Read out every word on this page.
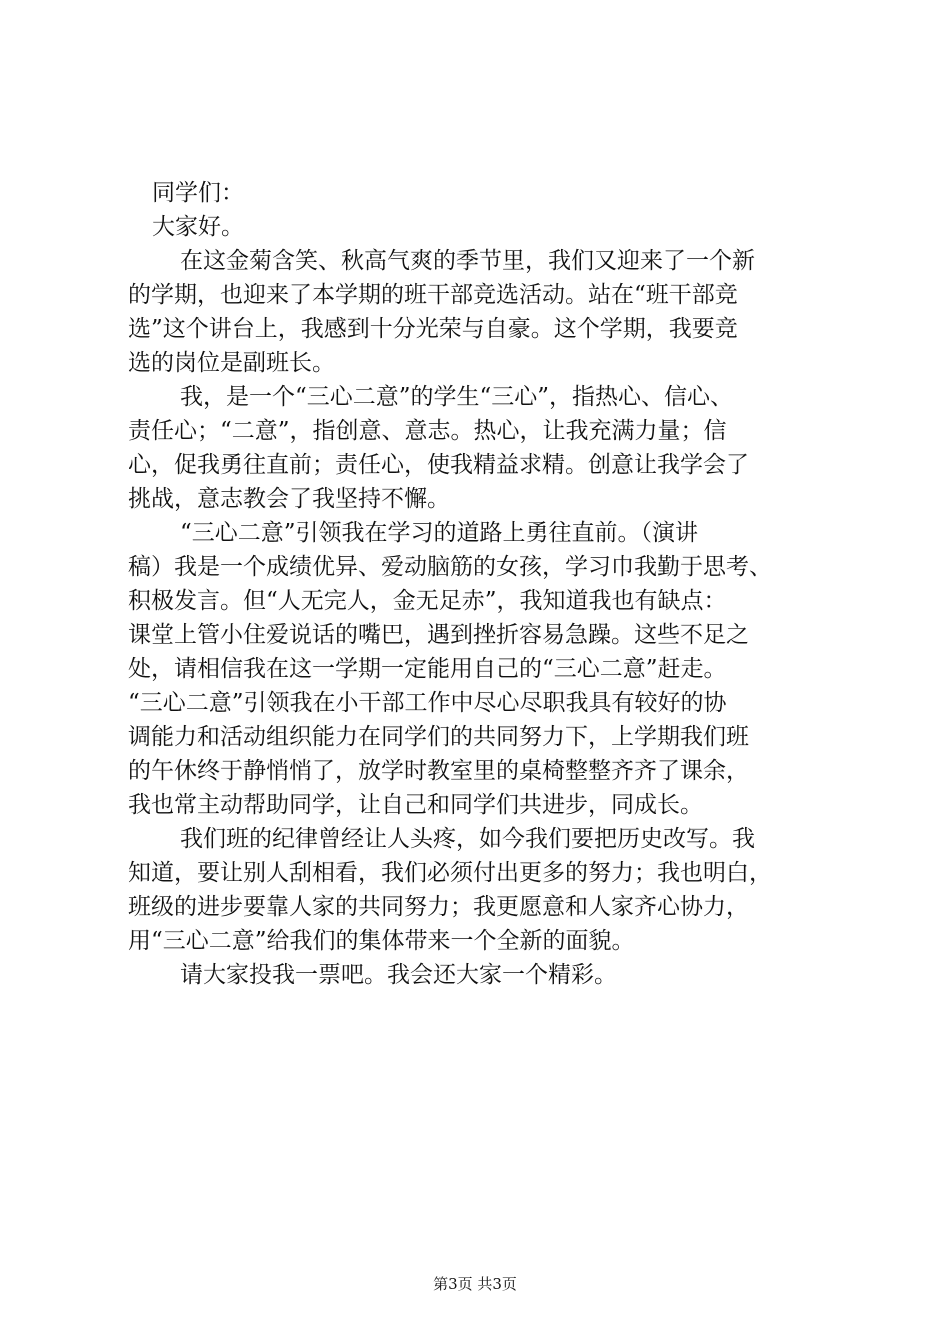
同学们：
大家好。
在这金菊含笑、秋高气爽的季节里，我们又迎来了一个新
的学期，也迎来了本学期的班干部竞选活动。站在“班干部竞
选”这个讲台上，我感到十分光荣与自豪。这个学期，我要竞
选的岗位是副班长。
我，是一个“三心二意”的学生“三心”，指热心、信心、
责任心；“二意”，指创意、意志。热心，让我充满力量；信
心，促我勇往直前；责任心，使我精益求精。创意让我学会了
挑战，意志教会了我坚持不懈。
“三心二意”引领我在学习的道路上勇往直前。（演讲
稿）我是一个成绩优异、爱动脑筋的女孩，学习巾我勤于思考、
积极发言。但“人无完人，金无足赤”，我知道我也有缺点：
课堂上管小住爱说话的嘴巴，遇到挫折容易急躁。这些不足之
处，请相信我在这一学期一定能用自己的“三心二意”赶走。
“三心二意”引领我在小干部工作中尽心尽职我具有较好的协
调能力和活动组织能力在同学们的共同努力下，上学期我们班
的午休终于静悄悄了，放学时教室里的桌椅整整齐齐了课余，
我也常主动帮助同学，让自己和同学们共进步，同成长。
我们班的纪律曾经让人头疼，如今我们要把历史改写。我
知道，要让别人刮相看，我们必须付出更多的努力；我也明白，
班级的进步要靠人家的共同努力；我更愿意和人家齐心协力，
用“三心二意”给我们的集体带来一个全新的面貌。
请大家投我一票吧。我会还大家一个精彩。
第3页 共3页
